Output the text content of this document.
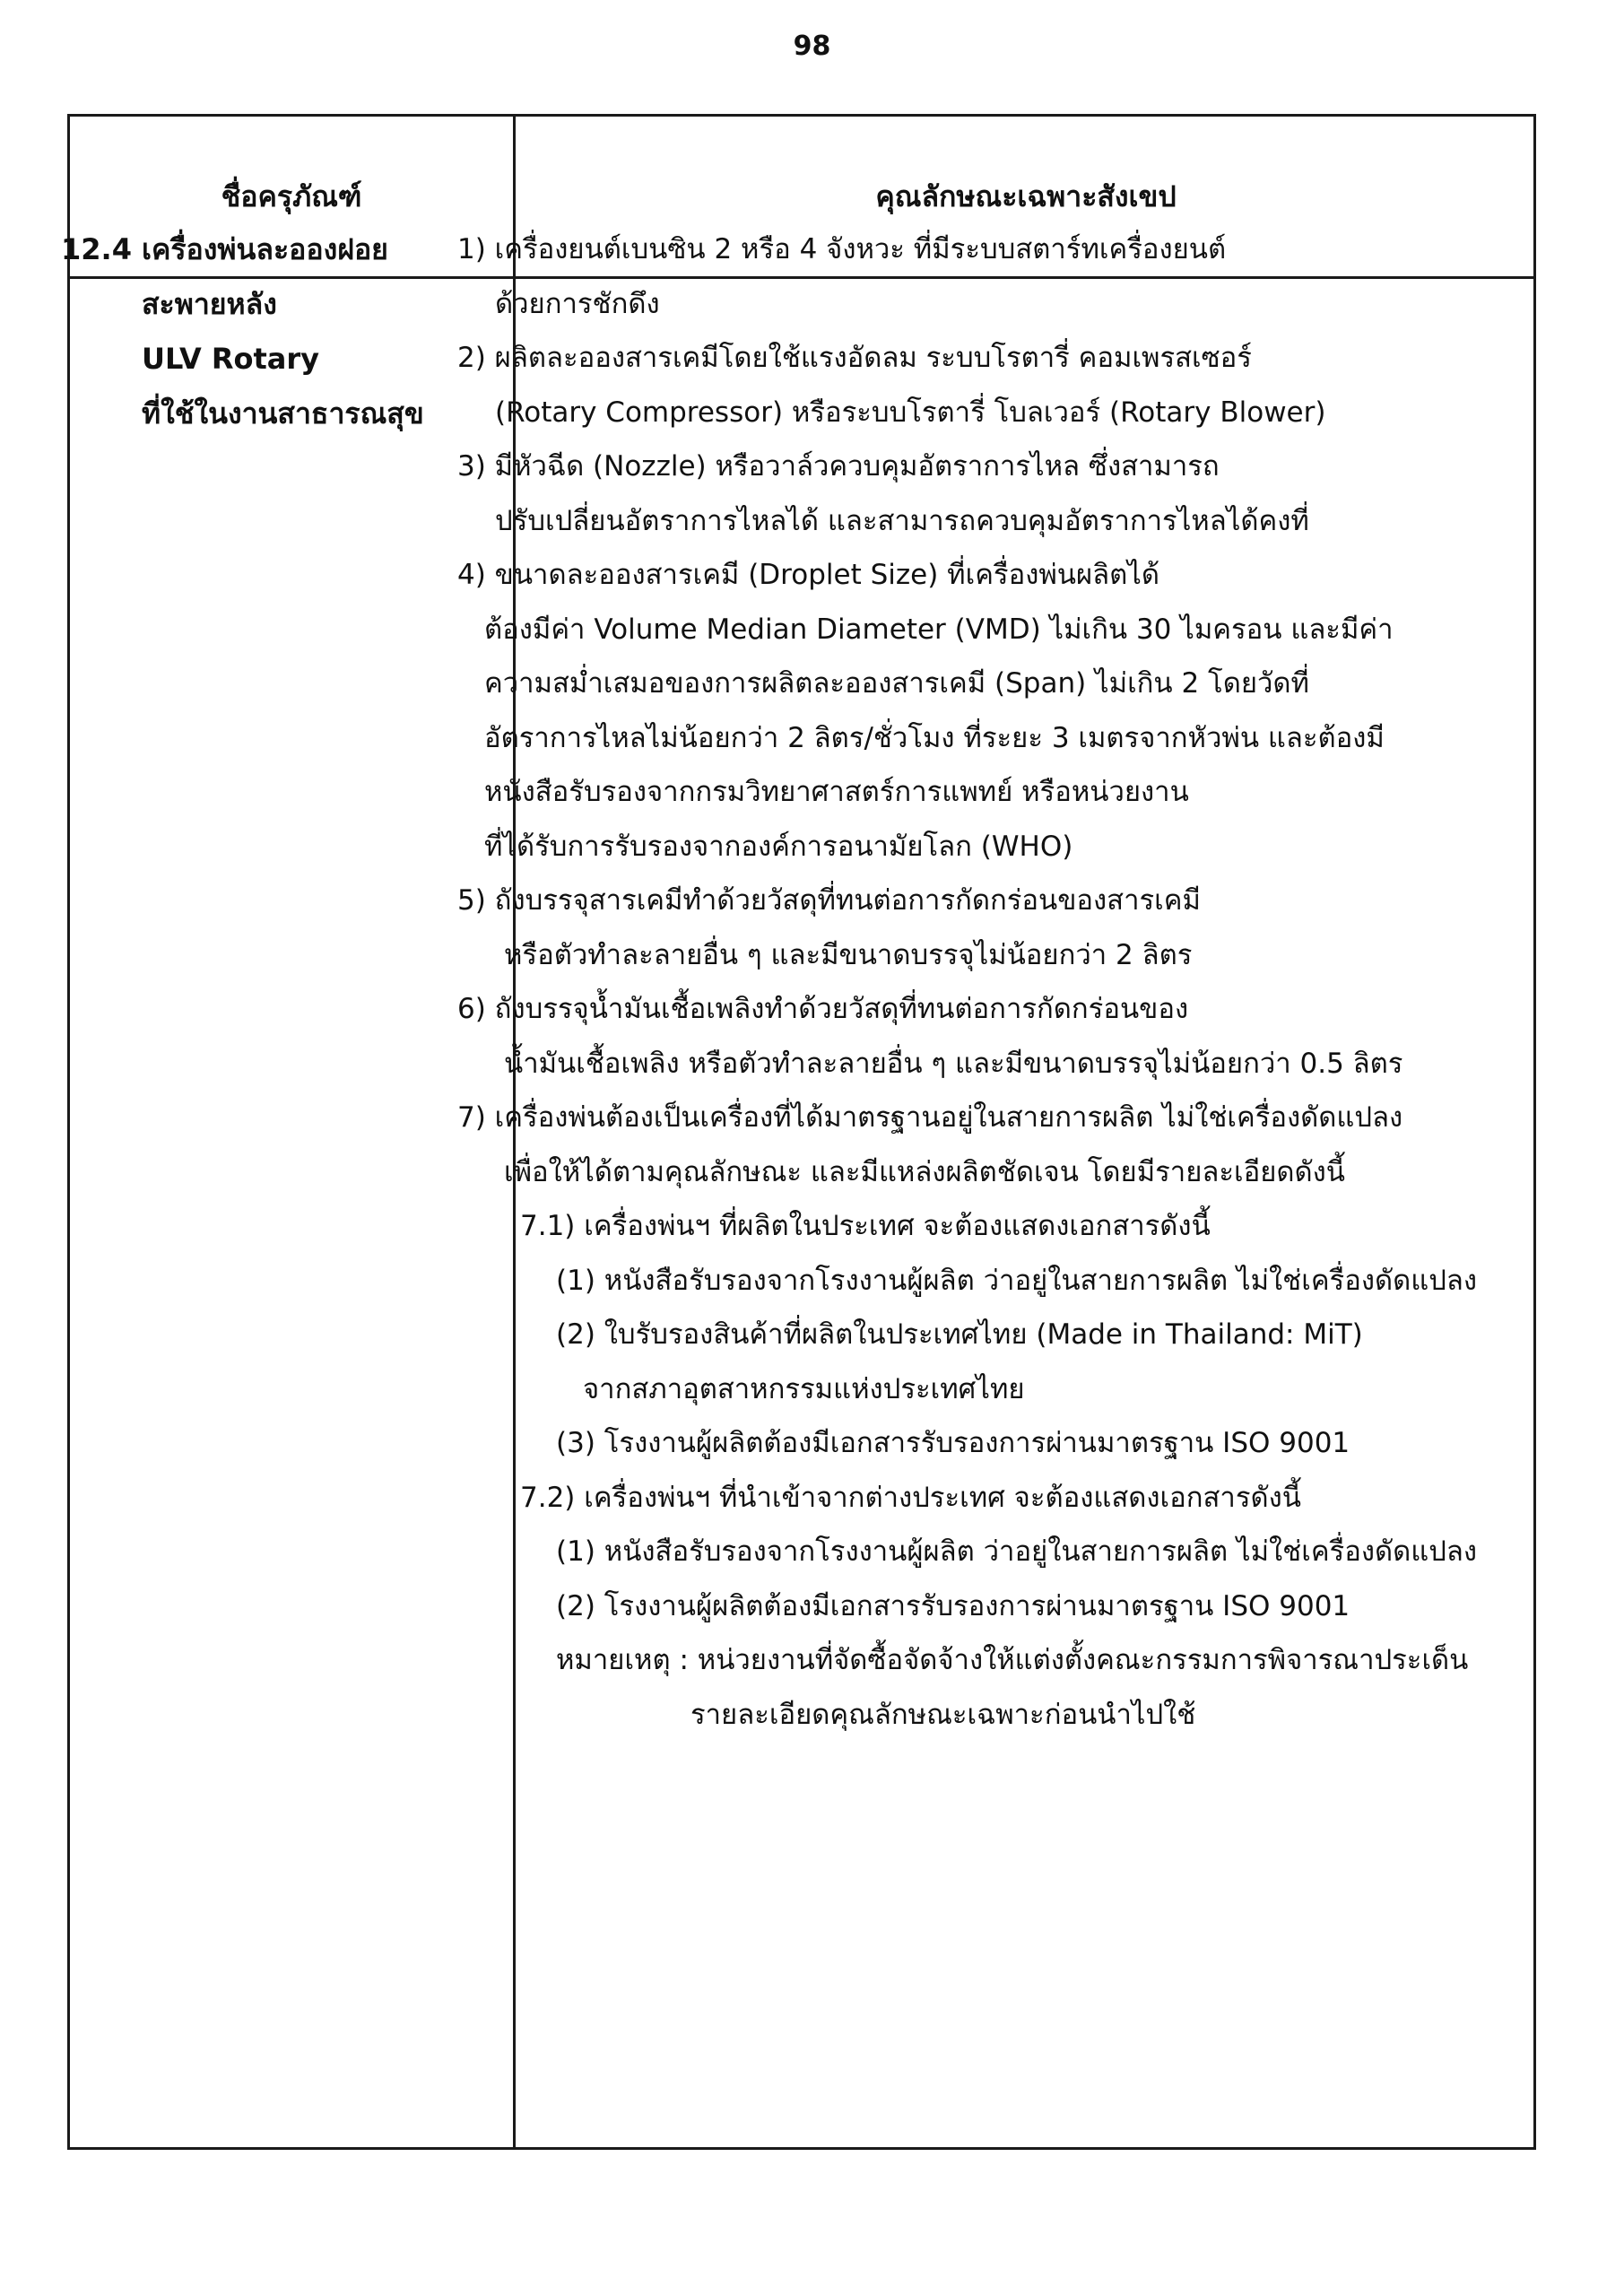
98
ชื่อครุภัณฑ์	คุณลักษณะเฉพาะสังเขป
12.4 เครื่องพ่นละอองฝอย
สะพายหลัง
ULV Rotary
ที่ใช้ในงานสาธารณสุข
1) เครื่องยนต์เบนซิน 2 หรือ 4 จังหวะ ที่มีระบบสตาร์ทเครื่องยนต์
ด้วยการชักดึง
2) ผลิตละอองสารเคมีโดยใช้แรงอัดลม ระบบโรตารี่ คอมเพรสเซอร์
(Rotary Compressor) หรือระบบโรตารี่ โบลเวอร์ (Rotary Blower)
3) มีหัวฉีด (Nozzle) หรือวาล์วควบคุมอัตราการไหล ซึ่งสามารถ
ปรับเปลี่ยนอัตราการไหลได้ และสามารถควบคุมอัตราการไหลได้คงที่
4) ขนาดละอองสารเคมี (Droplet Size) ที่เครื่องพ่นผลิตได้
ต้องมีค่า Volume Median Diameter (VMD) ไม่เกิน 30 ไมครอน และมีค่า
ความสม่ำเสมอของการผลิตละอองสารเคมี (Span) ไม่เกิน 2 โดยวัดที่
อัตราการไหลไม่น้อยกว่า 2 ลิตร/ชั่วโมง ที่ระยะ 3 เมตรจากหัวพ่น และต้องมี
หนังสือรับรองจากกรมวิทยาศาสตร์การแพทย์ หรือหน่วยงาน
ที่ได้รับการรับรองจากองค์การอนามัยโลก (WHO)
5) ถังบรรจุสารเคมีทำด้วยวัสดุที่ทนต่อการกัดกร่อนของสารเคมี
หรือตัวทำละลายอื่น ๆ และมีขนาดบรรจุไม่น้อยกว่า 2 ลิตร
6) ถังบรรจุน้ำมันเชื้อเพลิงทำด้วยวัสดุที่ทนต่อการกัดกร่อนของ
น้ำมันเชื้อเพลิง หรือตัวทำละลายอื่น ๆ และมีขนาดบรรจุไม่น้อยกว่า 0.5 ลิตร
7) เครื่องพ่นต้องเป็นเครื่องที่ได้มาตรฐานอยู่ในสายการผลิต ไม่ใช่เครื่องดัดแปลง
เพื่อให้ได้ตามคุณลักษณะ และมีแหล่งผลิตชัดเจน โดยมีรายละเอียดดังนี้
7.1) เครื่องพ่นฯ ที่ผลิตในประเทศ จะต้องแสดงเอกสารดังนี้
(1) หนังสือรับรองจากโรงงานผู้ผลิต ว่าอยู่ในสายการผลิต ไม่ใช่เครื่องดัดแปลง
(2) ใบรับรองสินค้าที่ผลิตในประเทศไทย (Made in Thailand: MiT)
จากสภาอุตสาหกรรมแห่งประเทศไทย
(3) โรงงานผู้ผลิตต้องมีเอกสารรับรองการผ่านมาตรฐาน ISO 9001
7.2) เครื่องพ่นฯ ที่นำเข้าจากต่างประเทศ จะต้องแสดงเอกสารดังนี้
(1) หนังสือรับรองจากโรงงานผู้ผลิต ว่าอยู่ในสายการผลิต ไม่ใช่เครื่องดัดแปลง
(2) โรงงานผู้ผลิตต้องมีเอกสารรับรองการผ่านมาตรฐาน ISO 9001
หมายเหตุ : หน่วยงานที่จัดซื้อจัดจ้างให้แต่งตั้งคณะกรรมการพิจารณาประเด็น
รายละเอียดคุณลักษณะเฉพาะก่อนนำไปใช้
